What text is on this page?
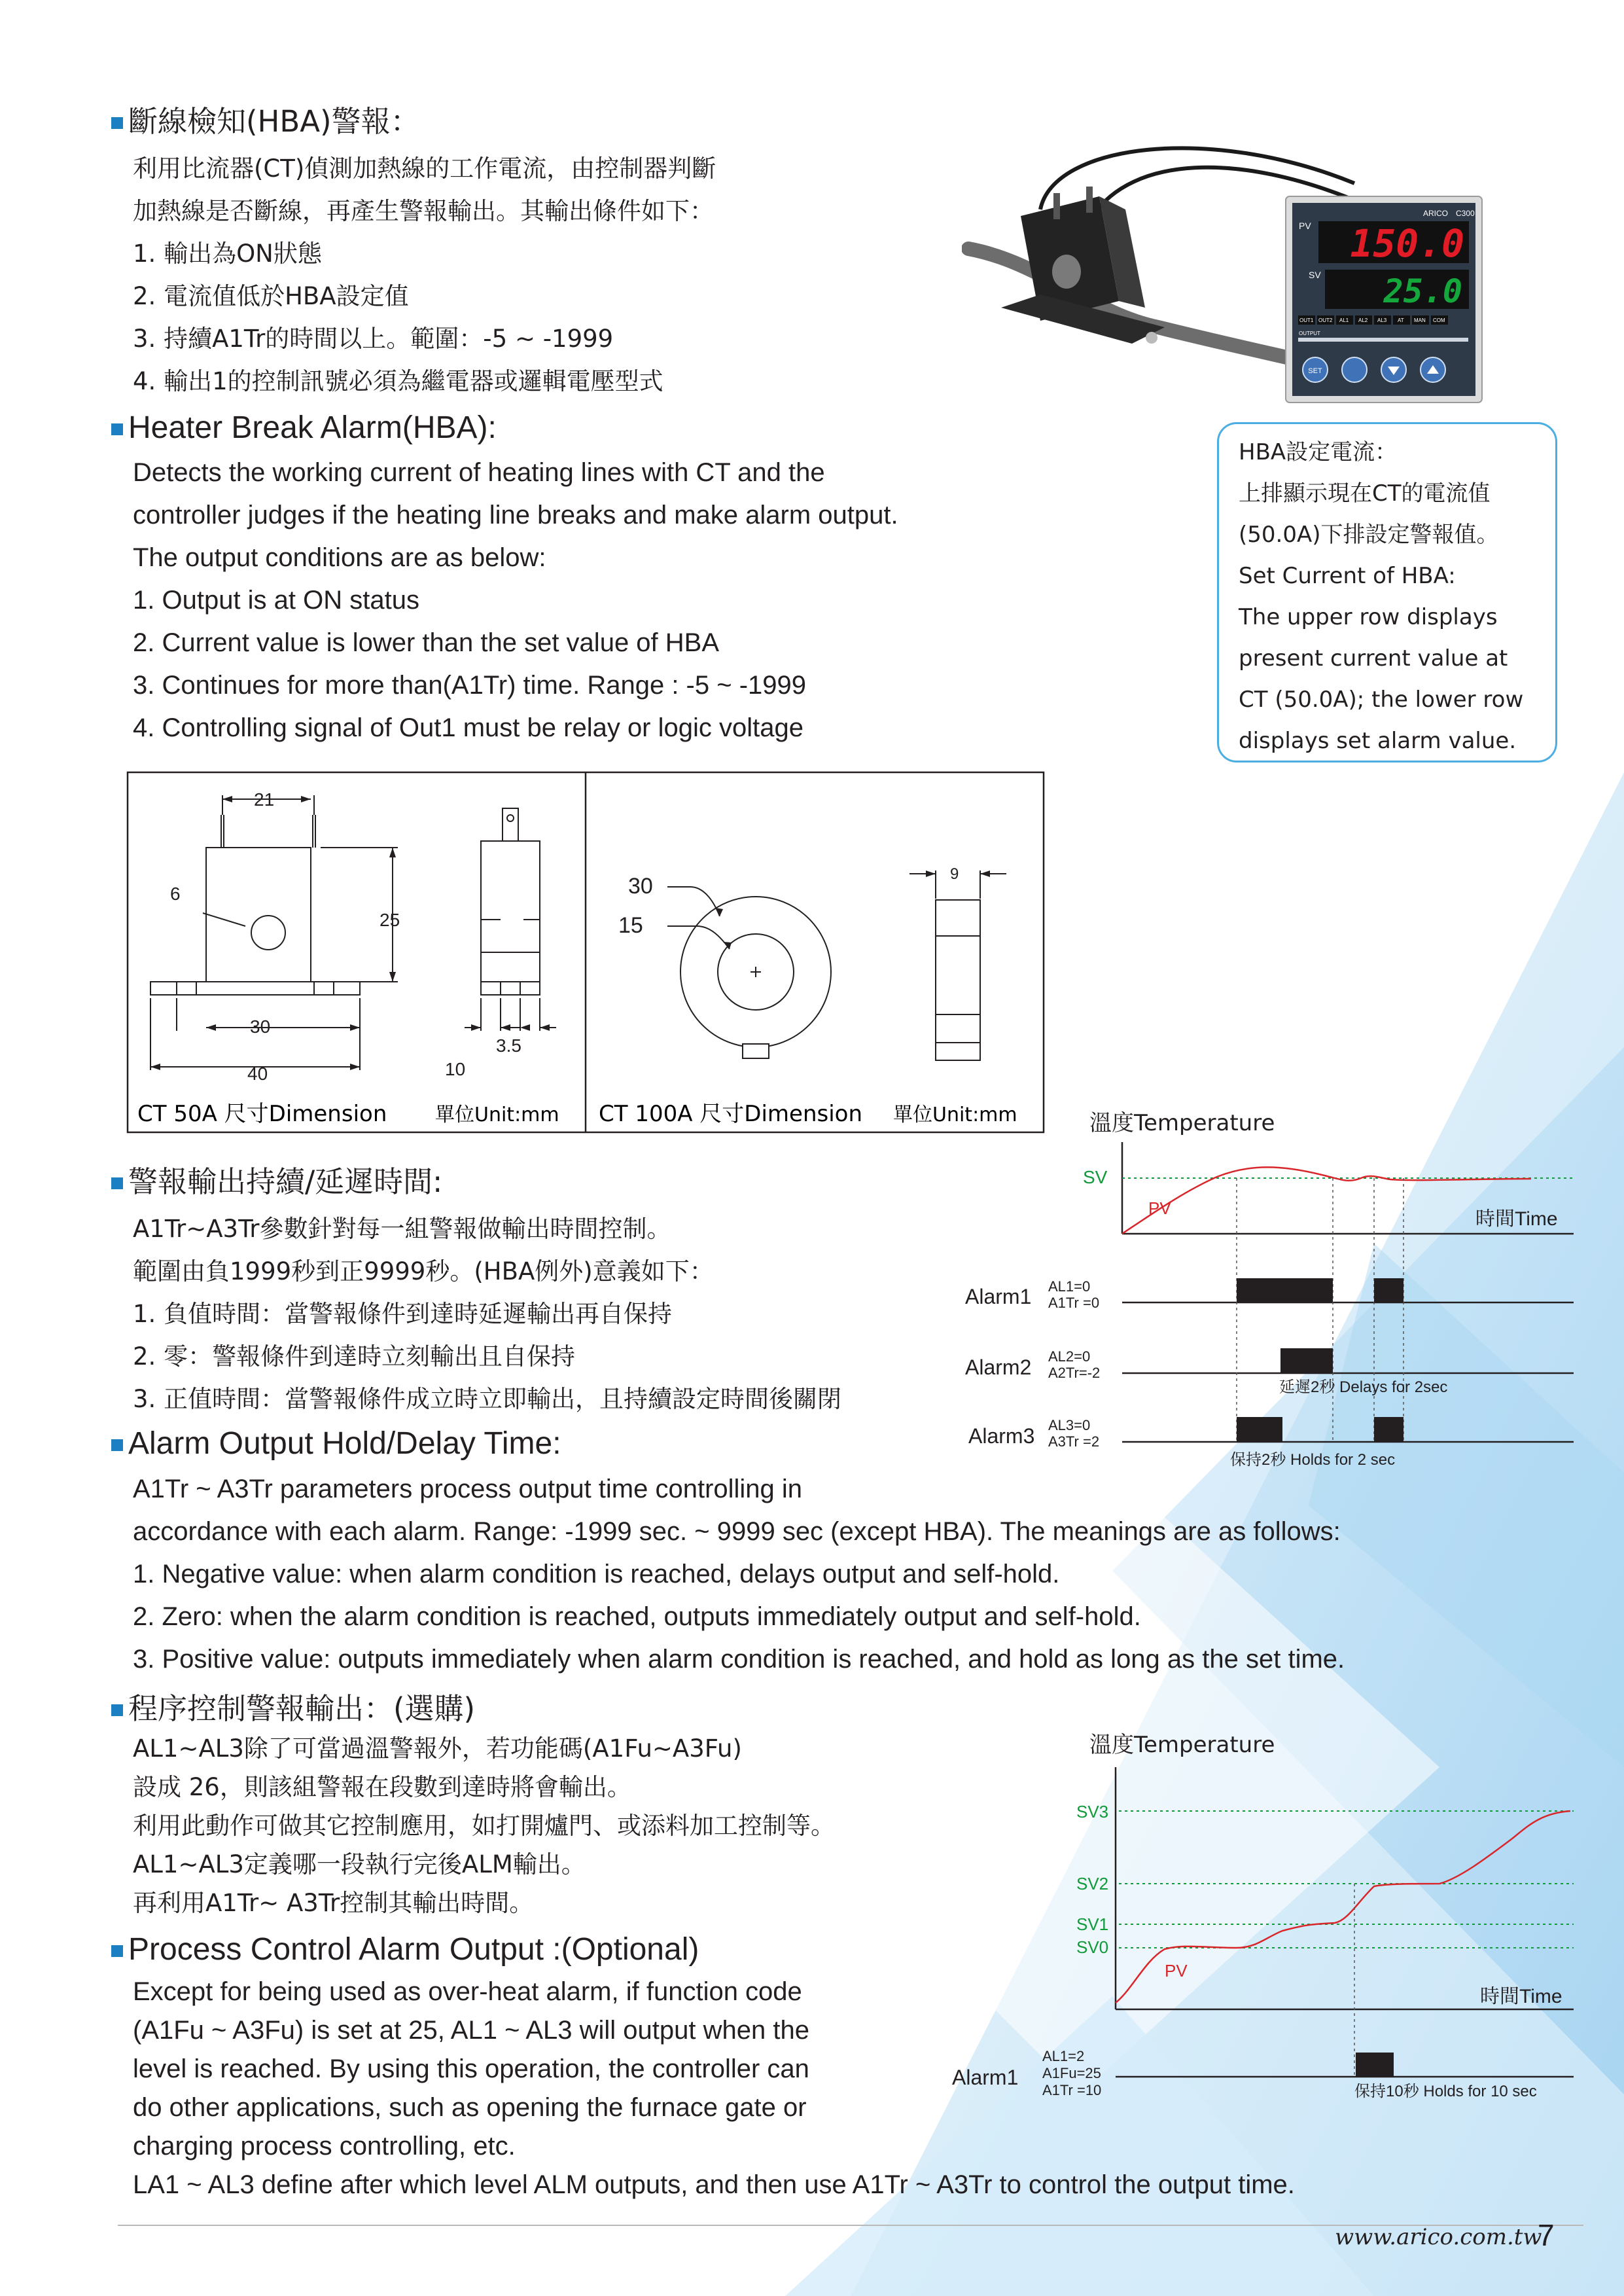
斷線檢知(HBA)警報：
利用比流器(CT)偵測加熱線的工作電流，由控制器判斷
加熱線是否斷線，再產生警報輸出。其輸出條件如下：
1. 輸出為ON狀態
2. 電流值低於HBA設定值
3. 持續A1Tr的時間以上。範圍：-5 ~ -1999
4. 輸出1的控制訊號必須為繼電器或邏輯電壓型式
Heater Break Alarm(HBA):
Detects the working current of heating lines with CT and the
controller judges if the heating line breaks and make alarm output.
The output conditions are as below:
1. Output is at ON status
2. Current value is lower than the set value of HBA
3. Continues for more than(A1Tr) time. Range : -5 ~ -1999
4. Controlling signal of Out1 must be relay or logic voltage
ARICO C300
PV 150.0
SV 25.0
OUT1 OUT2 AL1 AL2 AL3 AT MAN COM
OUTPUT
SET
HBA設定電流：
上排顯示現在CT的電流值
(50.0A)下排設定警報值。
Set Current of HBA:
The upper row displays
present current value at
CT (50.0A); the lower row
displays set alarm value.
21
6
25
30
40	10
3.5
30
15
9
CT 50A 尺寸Dimension 單位Unit:mm CT 100A 尺寸Dimension 單位Unit:mm
警報輸出持續/延遲時間:
A1Tr~A3Tr參數針對每一組警報做輸出時間控制。
範圍由負1999秒到正9999秒。(HBA例外)意義如下：
1. 負值時間：當警報條件到達時延遲輸出再自保持
2. 零：警報條件到達時立刻輸出且自保持
3. 正值時間：當警報條件成立時立即輸出，且持續設定時間後關閉
Alarm Output Hold/Delay Time:
A1Tr ~ A3Tr parameters process output time controlling in
accordance with each alarm. Range: -1999 sec. ~ 9999 sec (except HBA). The meanings are as follows:
1. Negative value: when alarm condition is reached, delays output and self-hold.
2. Zero: when the alarm condition is reached, outputs immediately output and self-hold.
3. Positive value: outputs immediately when alarm condition is reached, and hold as long as the set time.
溫度Temperature
SV
PV	時間Time
Alarm1 AL1=0
A1Tr =0
Alarm2 AL2=0
A2Tr=-2
延遲2秒 Delays for 2sec
Alarm3 AL3=0
A3Tr =2
保持2秒 Holds for 2 sec
程序控制警報輸出：(選購)
AL1~AL3除了可當過溫警報外，若功能碼(A1Fu~A3Fu)
設成 26，則該組警報在段數到達時將會輸出。
利用此動作可做其它控制應用，如打開爐門、或添料加工控制等。
AL1~AL3定義哪一段執行完後ALM輸出。
再利用A1Tr~ A3Tr控制其輸出時間。
Process Control Alarm Output :(Optional)
Except for being used as over-heat alarm, if function code
(A1Fu ~ A3Fu) is set at 25, AL1 ~ AL3 will output when the
level is reached. By using this operation, the controller can
do other applications, such as opening the furnace gate or
charging process controlling, etc.
LA1 ~ AL3 define after which level ALM outputs, and then use A1Tr ~ A3Tr to control the output time.
溫度Temperature
SV3
SV2
SV1
SV0
PV
時間Time
Alarm1
AL1=2
A1Fu=25
A1Tr =10	保持10秒 Holds for 10 sec
www.arico.com.tw
7
